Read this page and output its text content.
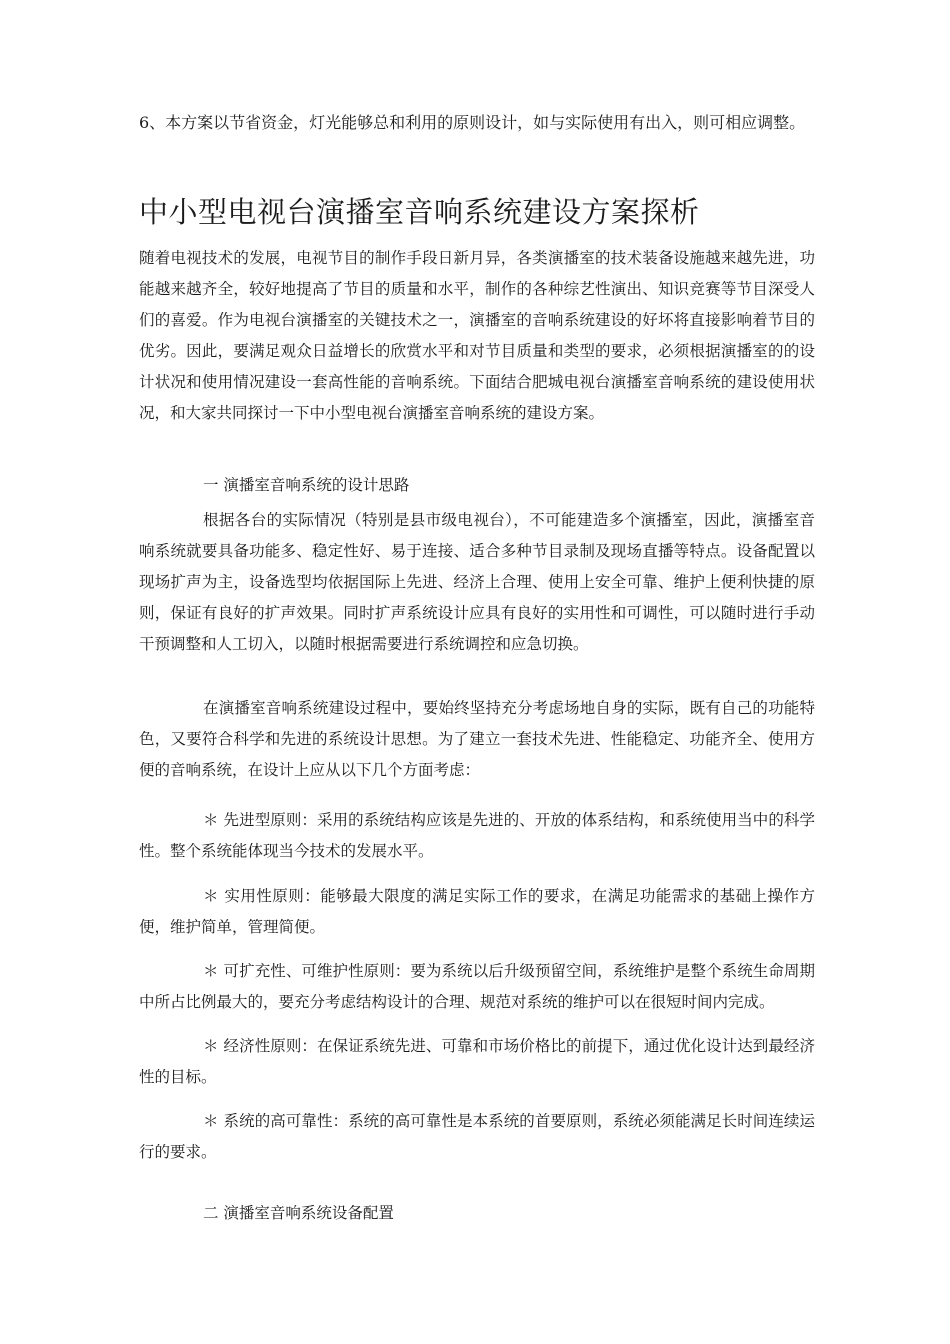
6、本方案以节省资金，灯光能够总和利用的原则设计，如与实际使用有出入，则可相应调整。
中小型电视台演播室音响系统建设方案探析

随着电视技术的发展，电视节目的制作手段日新月异，各类演播室的技术装备设施越来越先进，功能越来越齐全，较好地提高了节目的质量和水平，制作的各种综艺性演出、知识竞赛等节目深受人们的喜爱。作为电视台演播室的关键技术之一，演播室的音响系统建设的好坏将直接影响着节目的优劣。因此，要满足观众日益增长的欣赏水平和对节目质量和类型的要求，必须根据演播室的的设计状况和使用情况建设一套高性能的音响系统。下面结合肥城电视台演播室音响系统的建设使用状况，和大家共同探讨一下中小型电视台演播室音响系统的建设方案。

一 演播室音响系统的设计思路

根据各台的实际情况（特别是县市级电视台），不可能建造多个演播室，因此，演播室音响系统就要具备功能多、稳定性好、易于连接、适合多种节目录制及现场直播等特点。设备配置以现场扩声为主，设备选型均依据国际上先进、经济上合理、使用上安全可靠、维护上便利快捷的原则，保证有良好的扩声效果。同时扩声系统设计应具有良好的实用性和可调性，可以随时进行手动干预调整和人工切入，以随时根据需要进行系统调控和应急切换。

在演播室音响系统建设过程中，要始终坚持充分考虑场地自身的实际，既有自己的功能特色，又要符合科学和先进的系统设计思想。为了建立一套技术先进、性能稳定、功能齐全、使用方便的音响系统，在设计上应从以下几个方面考虑：

＊ 先进型原则：采用的系统结构应该是先进的、开放的体系结构，和系统使用当中的科学性。整个系统能体现当今技术的发展水平。

＊ 实用性原则：能够最大限度的满足实际工作的要求，在满足功能需求的基础上操作方便，维护简单，管理简便。

＊ 可扩充性、可维护性原则：要为系统以后升级预留空间，系统维护是整个系统生命周期中所占比例最大的，要充分考虑结构设计的合理、规范对系统的维护可以在很短时间内完成。

＊ 经济性原则：在保证系统先进、可靠和市场价格比的前提下，通过优化设计达到最经济性的目标。

＊ 系统的高可靠性：系统的高可靠性是本系统的首要原则，系统必须能满足长时间连续运行的要求。

二 演播室音响系统设备配置
